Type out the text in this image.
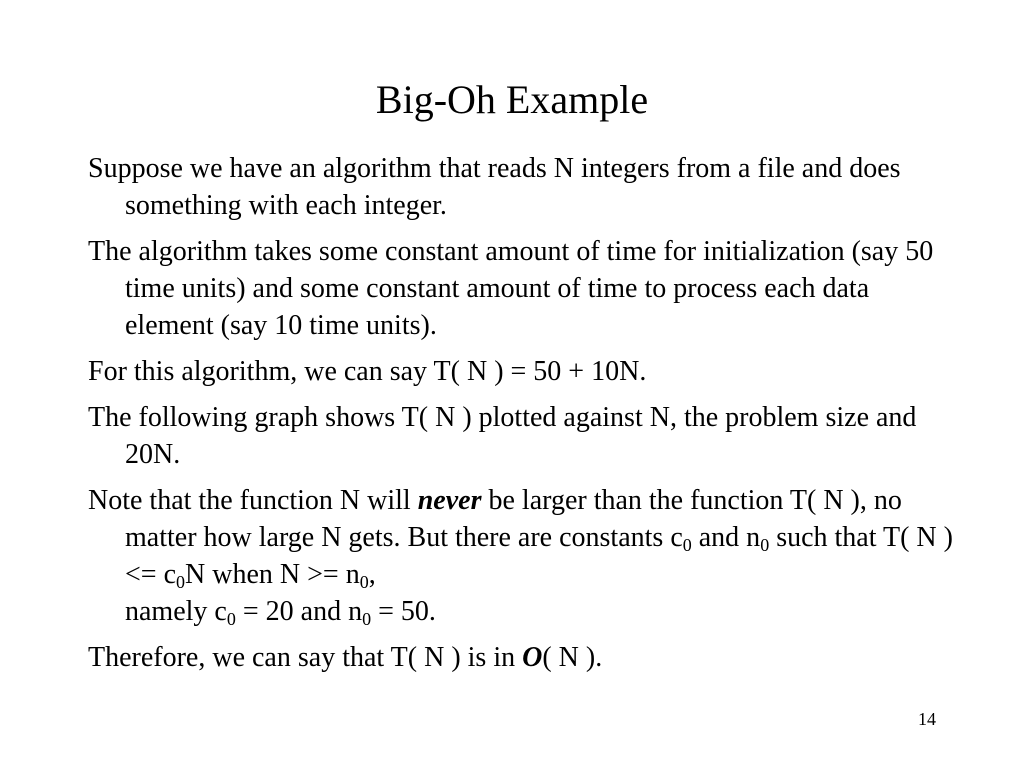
Big-Oh Example

Suppose we have an algorithm that reads N integers from a file and does something with each integer.

The algorithm takes some constant amount of time for initialization (say 50 time units) and some constant amount of time to process each data element (say 10 time units).

For this algorithm, we can say T( N ) = 50 + 10N.

The following graph shows T( N ) plotted against N, the problem size and 20N.

Note that the function N will never be larger than the function T( N ), no matter how large N gets. But there are constants $c_0$ and $n_0$ such that T( N ) <= $c_0N$ when $N >= n_0$,
namely $c_0 = 20$ and $n_0 = 50$.

Therefore, we can say that T( N ) is in O( N ).

14
